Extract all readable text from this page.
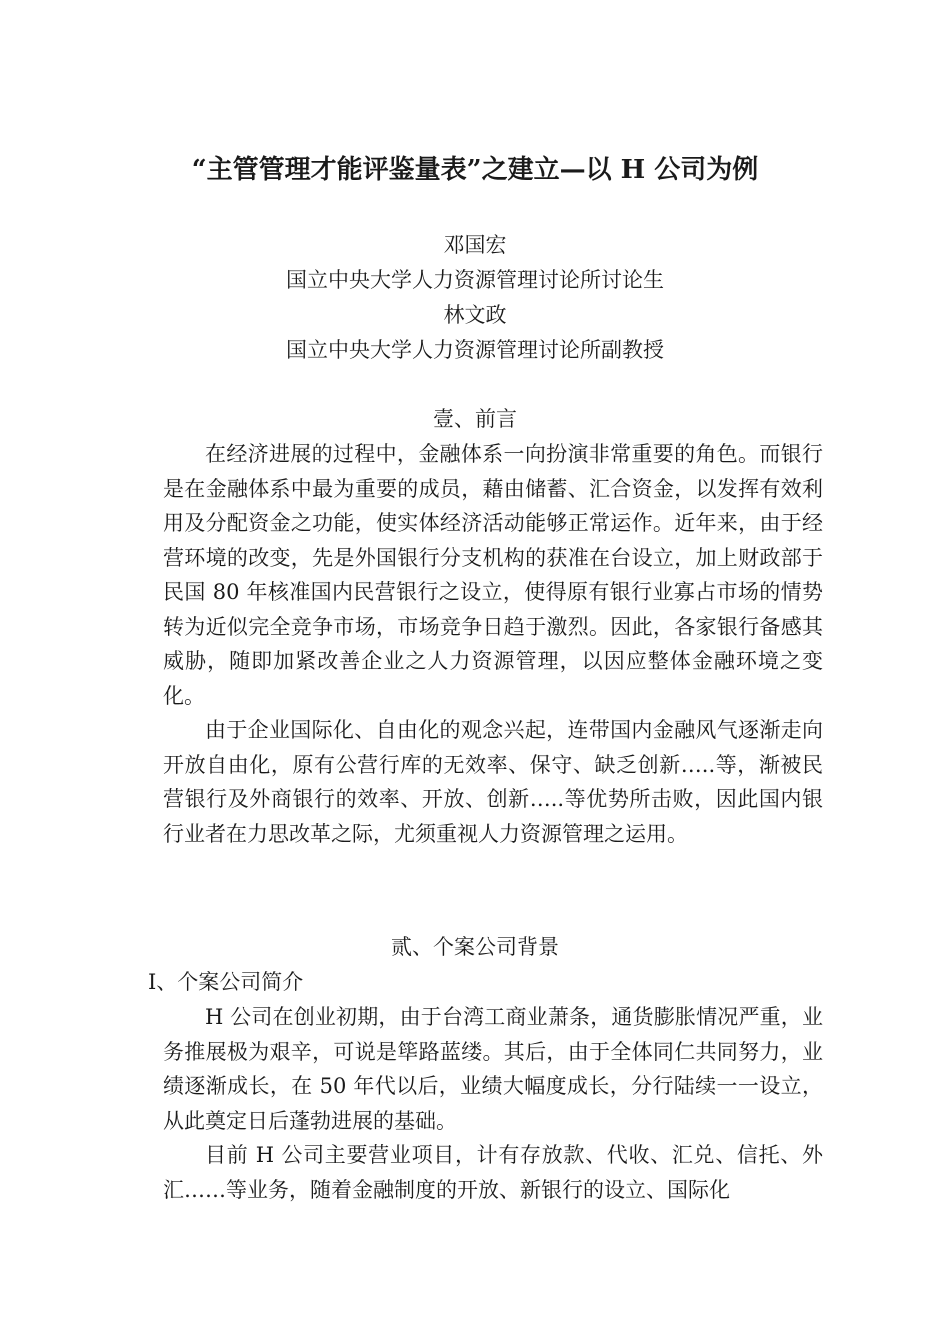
“主管管理才能评鉴量表”之建立—以 H 公司为例
邓国宏
国立中央大学人力资源管理讨论所讨论生
林文政
国立中央大学人力资源管理讨论所副教授
壹、前言

在经济进展的过程中，金融体系一向扮演非常重要的角色。而银行是在金融体系中最为重要的成员，藉由储蓄、汇合资金，以发挥有效利用及分配资金之功能，使实体经济活动能够正常运作。近年来，由于经营环境的改变，先是外国银行分支机构的获准在台设立，加上财政部于民国 80 年核准国内民营银行之设立，使得原有银行业寡占市场的情势转为近似完全竞争市场，市场竞争日趋于激烈。因此，各家银行备感其威胁，随即加紧改善企业之人力资源管理，以因应整体金融环境之变化。

由于企业国际化、自由化的观念兴起，连带国内金融风气逐渐走向开放自由化，原有公营行库的无效率、保守、缺乏创新…..等，渐被民营银行及外商银行的效率、开放、创新…..等优势所击败，因此国内银行业者在力思改革之际，尤须重视人力资源管理之运用。

贰、个案公司背景
Ⅰ、个案公司简介

H 公司在创业初期，由于台湾工商业萧条，通货膨胀情况严重，业务推展极为艰辛，可说是筚路蓝缕。其后，由于全体同仁共同努力，业绩逐渐成长，在 50 年代以后，业绩大幅度成长，分行陆续一一设立，从此奠定日后蓬勃进展的基础。

目前 H 公司主要营业项目，计有存放款、代收、汇兑、信托、外汇……等业务，随着金融制度的开放、新银行的设立、国际化
